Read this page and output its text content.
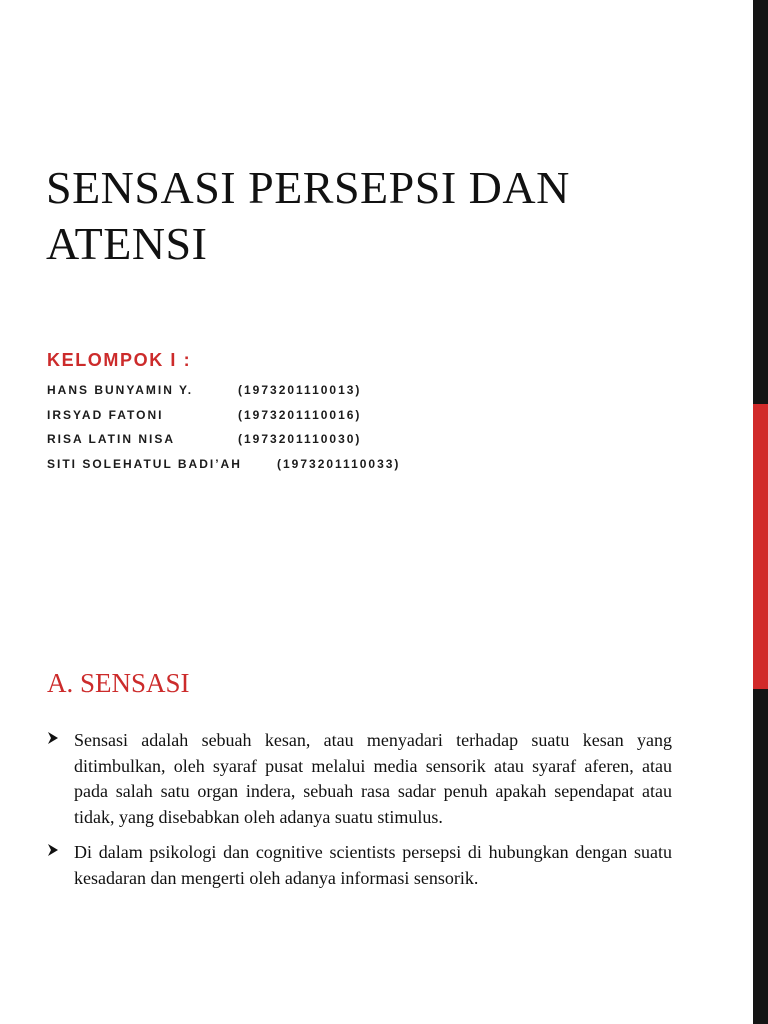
SENSASI PERSEPSI DAN ATENSI
KELOMPOK I :
HANS BUNYAMIN Y.	(1973201110013)
IRSYAD FATONI	(1973201110016)
RISA LATIN NISA	(1973201110030)
SITI SOLEHATUL BADI’AH	(1973201110033)
A. SENSASI

Sensasi adalah sebuah kesan, atau menyadari terhadap suatu kesan yang ditimbulkan, oleh syaraf pusat melalui media sensorik atau syaraf aferen, atau pada salah satu organ indera, sebuah rasa sadar penuh apakah sependapat atau tidak, yang disebabkan oleh adanya suatu stimulus.

Di dalam psikologi dan cognitive scientists persepsi di hubungkan dengan suatu kesadaran dan mengerti oleh adanya informasi sensorik.
